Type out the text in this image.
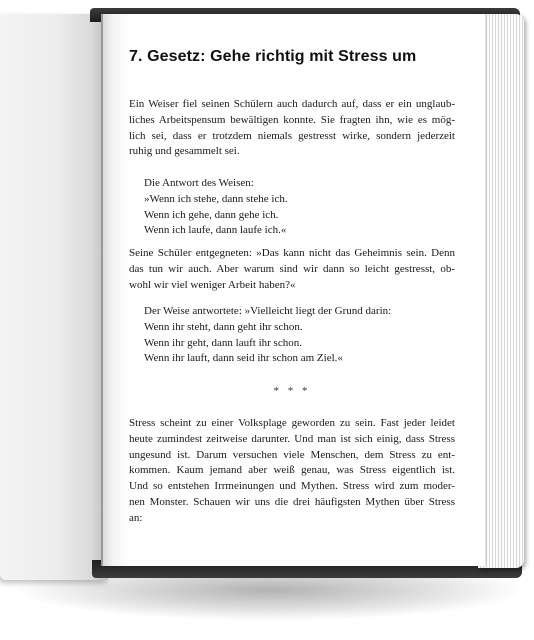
7. Gesetz: Gehe richtig mit Stress um
Ein Weiser fiel seinen Schülern auch dadurch auf, dass er ein unglaub-
liches Arbeitspensum bewältigen konnte. Sie fragten ihn, wie es mög-
lich sei, dass er trotzdem niemals gestresst wirke, sondern jederzeit
ruhig und gesammelt sei.
Die Antwort des Weisen:
»Wenn ich stehe, dann stehe ich.
Wenn ich gehe, dann gehe ich.
Wenn ich laufe, dann laufe ich.«
Seine Schüler entgegneten: »Das kann nicht das Geheimnis sein. Denn
das tun wir auch. Aber warum sind wir dann so leicht gestresst, ob-
wohl wir viel weniger Arbeit haben?«
Der Weise antwortete: »Vielleicht liegt der Grund darin:
Wenn ihr steht, dann geht ihr schon.
Wenn ihr geht, dann lauft ihr schon.
Wenn ihr lauft, dann seid ihr schon am Ziel.«
* * *
Stress scheint zu einer Volksplage geworden zu sein. Fast jeder leidet
heute zumindest zeitweise darunter. Und man ist sich einig, dass Stress
ungesund ist. Darum versuchen viele Menschen, dem Stress zu ent-
kommen. Kaum jemand aber weiß genau, was Stress eigentlich ist.
Und so entstehen Irrmeinungen und Mythen. Stress wird zum moder-
nen Monster. Schauen wir uns die drei häufigsten Mythen über Stress
an:
